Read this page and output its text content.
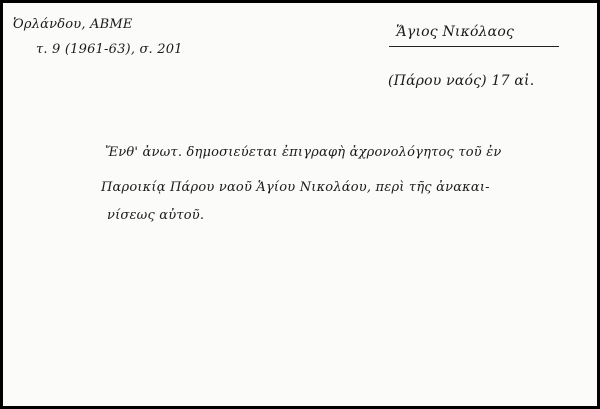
Ὀρλάνδου, ΑΒΜΕ
τ. 9 (1961-63), σ. 201
Ἅγιος Νικόλαος
(Πάρου ναός) 17 αἰ.
Ἔνθ' ἀνωτ. δημοσιεύεται ἐπιγραφὴ ἀχρονολόγητος τοῦ ἐν
Παροικίᾳ Πάρου ναοῦ Ἁγίου Νικολάου, περὶ τῆς ἀνακαι-
νίσεως αὐτοῦ.
